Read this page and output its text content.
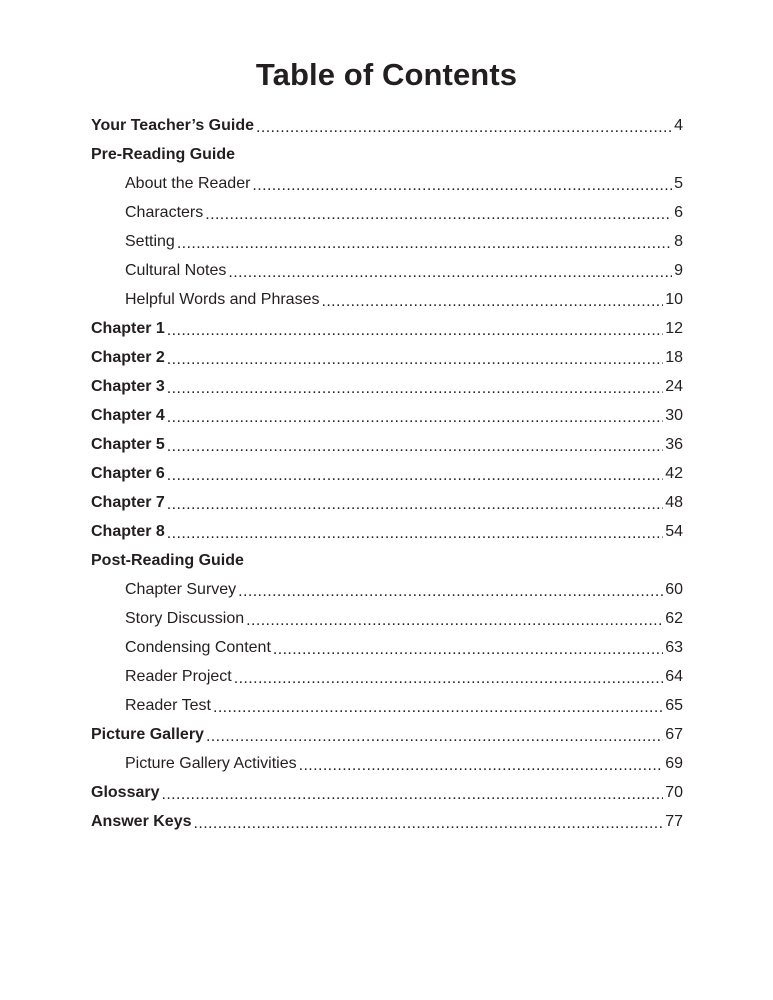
Table of Contents
Your Teacher’s Guide .....	4
Pre-Reading Guide
About the Reader .....	5
Characters .....	6
Setting .....	8
Cultural Notes .....	9
Helpful Words and Phrases .....	10
Chapter 1 .....	12
Chapter 2 .....	18
Chapter 3 .....	24
Chapter 4 .....	30
Chapter 5 .....	36
Chapter 6 .....	42
Chapter 7 .....	48
Chapter 8 .....	54
Post-Reading Guide
Chapter Survey .....	60
Story Discussion .....	62
Condensing Content .....	63
Reader Project .....	64
Reader Test .....	65
Picture Gallery .....	67
Picture Gallery Activities .....	69
Glossary .....	70
Answer Keys .....	77
